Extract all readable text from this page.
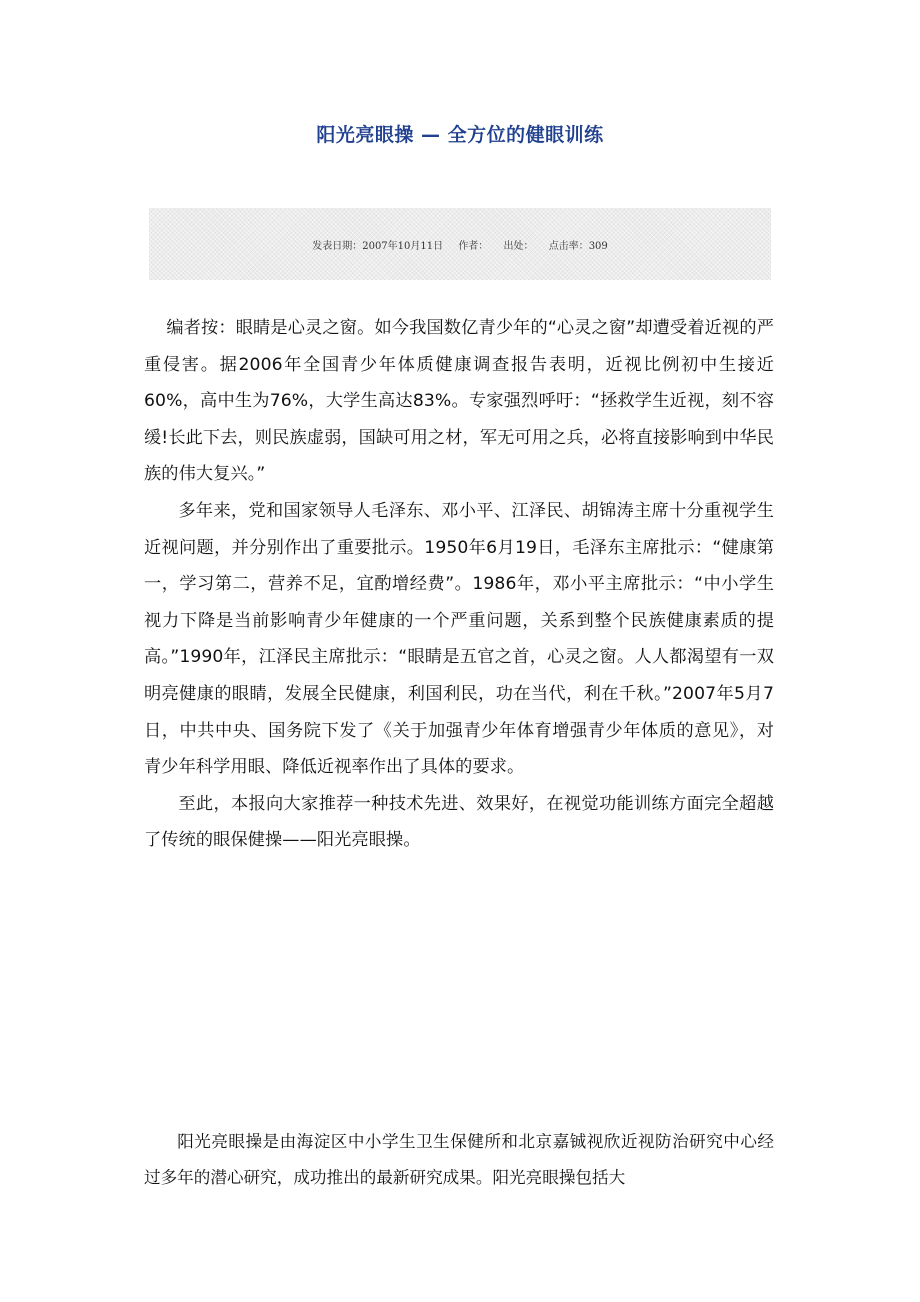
阳光亮眼操 — 全方位的健眼训练
发表日期：2007年10月11日 作者： 出处： 点击率：309

编者按：眼睛是心灵之窗。如今我国数亿青少年的“心灵之窗”却遭受着近视的严重侵害。据2006年全国青少年体质健康调查报告表明，近视比例初中生接近60%，高中生为76%，大学生高达83%。专家强烈呼吁：“拯救学生近视，刻不容缓!长此下去，则民族虚弱，国缺可用之材，军无可用之兵，必将直接影响到中华民族的伟大复兴。”

多年来，党和国家领导人毛泽东、邓小平、江泽民、胡锦涛主席十分重视学生近视问题，并分别作出了重要批示。1950年6月19日，毛泽东主席批示：“健康第一，学习第二，营养不足，宜酌增经费”。1986年，邓小平主席批示：“中小学生视力下降是当前影响青少年健康的一个严重问题，关系到整个民族健康素质的提高。”1990年，江泽民主席批示：“眼睛是五官之首，心灵之窗。人人都渴望有一双明亮健康的眼睛，发展全民健康，利国利民，功在当代，利在千秋。”2007年5月7日，中共中央、国务院下发了《关于加强青少年体育增强青少年体质的意见》，对青少年科学用眼、降低近视率作出了具体的要求。

至此，本报向大家推荐一种技术先进、效果好，在视觉功能训练方面完全超越了传统的眼保健操——阳光亮眼操。

阳光亮眼操是由海淀区中小学生卫生保健所和北京嘉铖视欣近视防治研究中心经过多年的潜心研究，成功推出的最新研究成果。阳光亮眼操包括大
